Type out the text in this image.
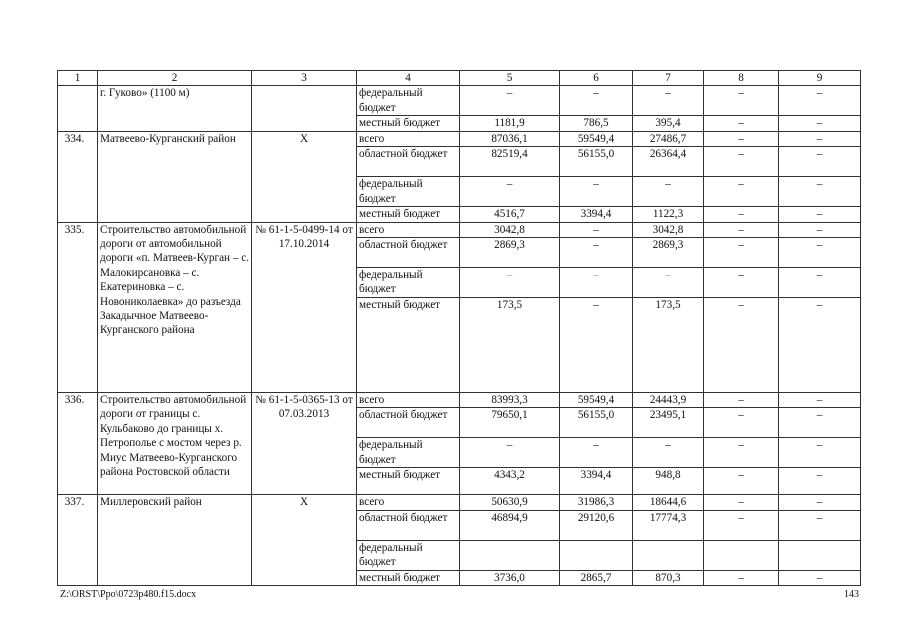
1	2	3	4	5	6	7	8	9
	г. Гуково» (1100 м)		федеральный бюджет	–	–	–	–	–
			местный бюджет	1181,9	786,5	395,4	–	–
334.	Матвеево-Курганский район	Х	всего	87036,1	59549,4	27486,7	–	–
			областной бюджет	82519,4	56155,0	26364,4	–	–
			федеральный бюджет	–	–	–	–	–
			местный бюджет	4516,7	3394,4	1122,3	–	–
335.	Строительство автомобильной дороги от автомобильной дороги «п. Матвеев-Курган – с. Малокирсановка – с. Екатериновка – с. Новониколаевка» до разъезда Закадычное Матвеево-Курганского района	№ 61-1-5-0499-14 от 17.10.2014	всего	3042,8	–	3042,8	–	–
			областной бюджет	2869,3	–	2869,3	–	–
			федеральный бюджет	–	–	–	–	–
			местный бюджет	173,5	–	173,5	–	–
336.	Строительство автомобильной дороги от границы с. Кульбаково до границы х. Петрополье с мостом через р. Миус Матвеево-Курганского района Ростовской области	№ 61-1-5-0365-13 от 07.03.2013	всего	83993,3	59549,4	24443,9	–	–
			областной бюджет	79650,1	56155,0	23495,1	–	–
			федеральный бюджет	–	–	–	–	–
			местный бюджет	4343,2	3394,4	948,8	–	–
337.	Миллеровский район	Х	всего	50630,9	31986,3	18644,6	–	–
			областной бюджет	46894,9	29120,6	17774,3	–	–
			федеральный бюджет					
			местный бюджет	3736,0	2865,7	870,3	–	–
Z:\ORST\Ppo\0723p480.f15.docx	143
